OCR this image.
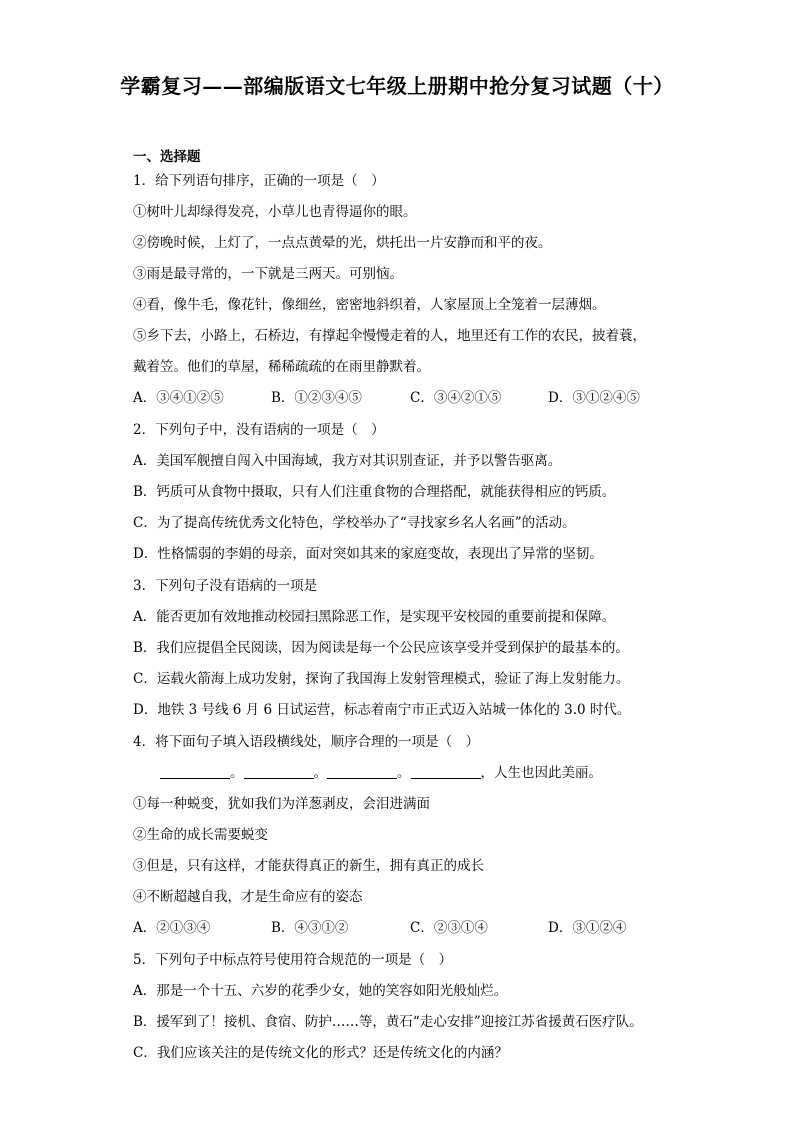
学霸复习——部编版语文七年级上册期中抢分复习试题（十）
一、选择题
1．给下列语句排序，正确的一项是（　）
①树叶儿却绿得发亮，小草儿也青得逼你的眼。
②傍晚时候，上灯了，一点点黄晕的光，烘托出一片安静而和平的夜。
③雨是最寻常的，一下就是三两天。可别恼。
④看，像牛毛，像花针，像细丝，密密地斜织着，人家屋顶上全笼着一层薄烟。
⑤乡下去，小路上，石桥边，有撑起伞慢慢走着的人，地里还有工作的农民，披着蓑，
戴着笠。他们的草屋，稀稀疏疏的在雨里静默着。
A．③④①②⑤	B．①②③④⑤	C．③④②①⑤	D．③①②④⑤
2．下列句子中，没有语病的一项是（　）
A．美国军舰擅自闯入中国海域，我方对其识别查证，并予以警告驱离。
B．钙质可从食物中摄取，只有人们注重食物的合理搭配，就能获得相应的钙质。
C．为了提高传统优秀文化特色，学校举办了“寻找家乡名人名画”的活动。
D．性格懦弱的李娟的母亲，面对突如其来的家庭变故，表现出了异常的坚韧。
3．下列句子没有语病的一项是
A．能否更加有效地推动校园扫黑除恶工作，是实现平安校园的重要前提和保障。
B．我们应提倡全民阅读，因为阅读是每一个公民应该享受并受到保护的最基本的。
C．运载火箭海上成功发射，探询了我国海上发射管理模式，验证了海上发射能力。
D．地铁 3 号线 6 月 6 日试运营，标志着南宁市正式迈入站城一体化的 3.0 时代。
4．将下面句子填入语段横线处，顺序合理的一项是（　）
。	。	。	，人生也因此美丽。
①每一种蜕变，犹如我们为洋葱剥皮，会泪进满面
②生命的成长需要蜕变
③但是，只有这样，才能获得真正的新生，拥有真正的成长
④不断超越自我，才是生命应有的姿态
A．②①③④	B．④③①②	C．②③①④	D．③①②④
5．下列句子中标点符号使用符合规范的一项是（　）
A．那是一个十五、六岁的花季少女，她的笑容如阳光般灿烂。
B．援军到了！接机、食宿、防护……等，黄石“走心安排”迎接江苏省援黄石医疗队。
C．我们应该关注的是传统文化的形式？还是传统文化的内涵？
